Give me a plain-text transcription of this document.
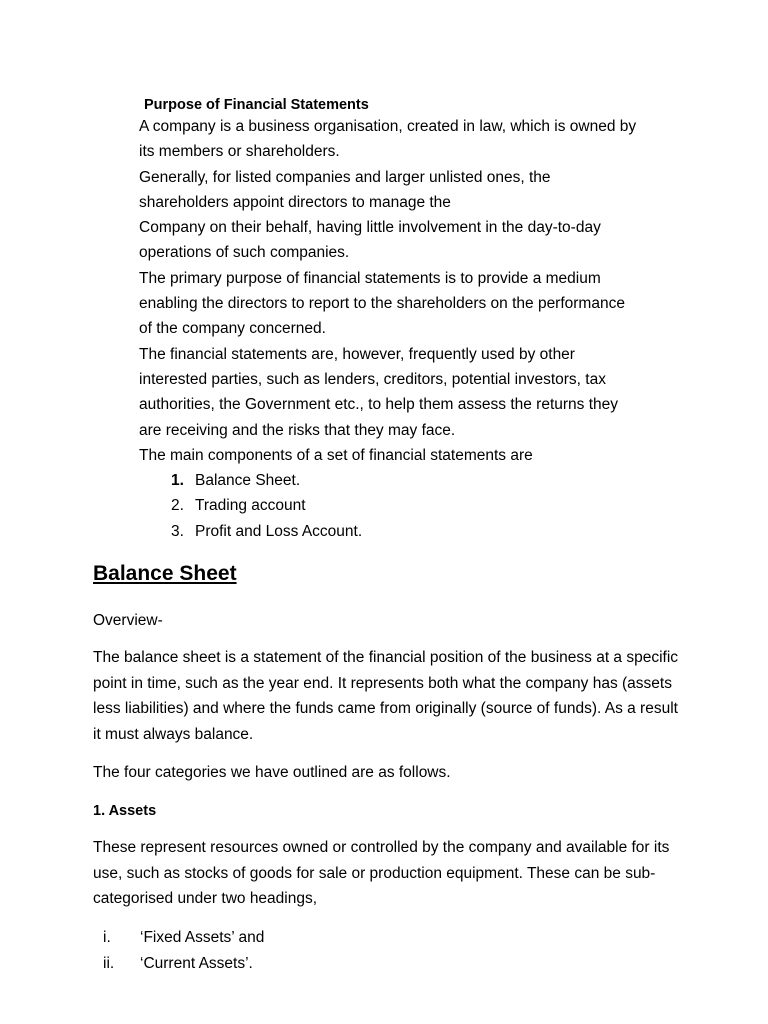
Purpose of Financial Statements

A company is a business organisation, created in law, which is owned by

its members or shareholders.

Generally, for listed companies and larger unlisted ones, the

shareholders appoint directors to manage the

Company on their behalf, having little involvement in the day-to-day

operations of such companies.

The primary purpose of financial statements is to provide a medium

enabling the directors to report to the shareholders on the performance

of the company concerned.

The financial statements are, however, frequently used by other

interested parties, such as lenders, creditors, potential investors, tax

authorities, the Government etc., to help them assess the returns they

are receiving and the risks that they may face.

The main components of a set of financial statements are

1. Balance Sheet.
2. Trading account
3. Profit and Loss Account.
Balance Sheet

Overview-

The balance sheet is a statement of the financial position of the business at a specific point in time, such as the year end. It represents both what the company has (assets less liabilities) and where the funds came from originally (source of funds). As a result it must always balance.

The four categories we have outlined are as follows.

1. Assets

These represent resources owned or controlled by the company and available for its use, such as stocks of goods for sale or production equipment. These can be sub-categorised under two headings,

i. ‘Fixed Assets’ and
ii. ‘Current Assets’.
